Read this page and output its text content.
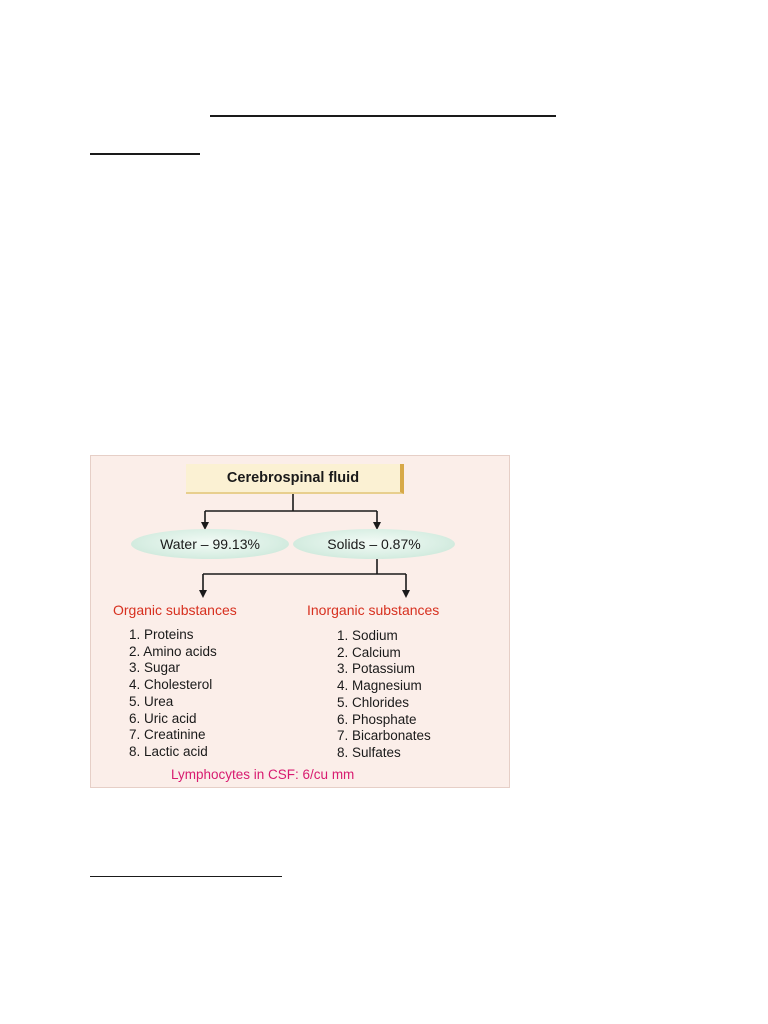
Cerebrospinal fluid
Water – 99.13%	Solids – 0.87%
Organic substances	Inorganic substances
1. Proteins
2. Amino acids
3. Sugar
4. Cholesterol
5. Urea
6. Uric acid
7. Creatinine
8. Lactic acid
1. Sodium
2. Calcium
3. Potassium
4. Magnesium
5. Chlorides
6. Phosphate
7. Bicarbonates
8. Sulfates
Lymphocytes in CSF: 6/cu mm
